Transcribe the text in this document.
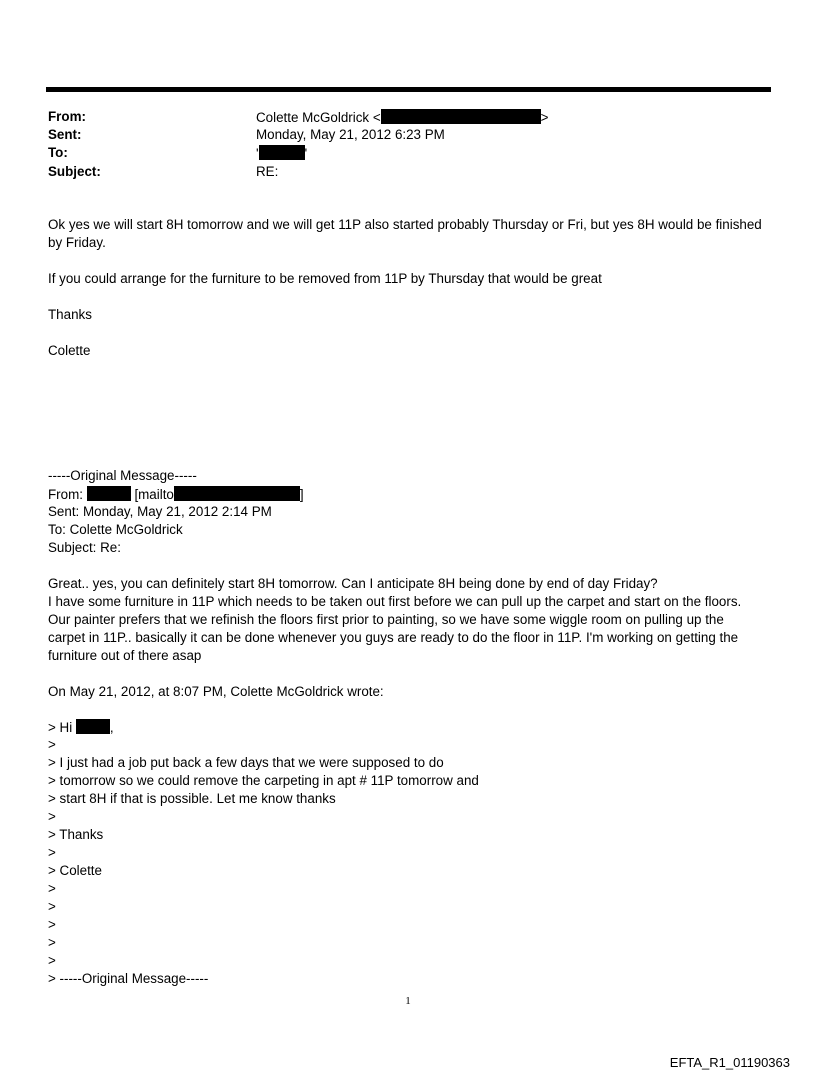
From:	Colette McGoldrick <	>
Sent:	Monday, May 21, 2012 6:23 PM
To:	'	'
Subject:	RE:
Ok yes we will start 8H tomorrow and we will get 11P also started probably Thursday or Fri, but yes 8H would be finished
by Friday.
If you could arrange for the furniture to be removed from 11P by Thursday that would be great
Thanks
Colette
-----Original Message-----
From:	[mailto	]
Sent: Monday, May 21, 2012 2:14 PM
To: Colette McGoldrick
Subject: Re:
Great.. yes, you can definitely start 8H tomorrow. Can I anticipate 8H being done by end of day Friday?
I have some furniture in 11P which needs to be taken out first before we can pull up the carpet and start on the floors.
Our painter prefers that we refinish the floors first prior to painting, so we have some wiggle room on pulling up the
carpet in 11P.. basically it can be done whenever you guys are ready to do the floor in 11P. I'm working on getting the
furniture out of there asap
On May 21, 2012, at 8:07 PM, Colette McGoldrick wrote:
> Hi	,
>
> I just had a job put back a few days that we were supposed to do
> tomorrow so we could remove the carpeting in apt # 11P tomorrow and
> start 8H if that is possible. Let me know thanks
>
> Thanks
>
> Colette
>
>
>
>
>
> -----Original Message-----
1
EFTA_R1_01190363
